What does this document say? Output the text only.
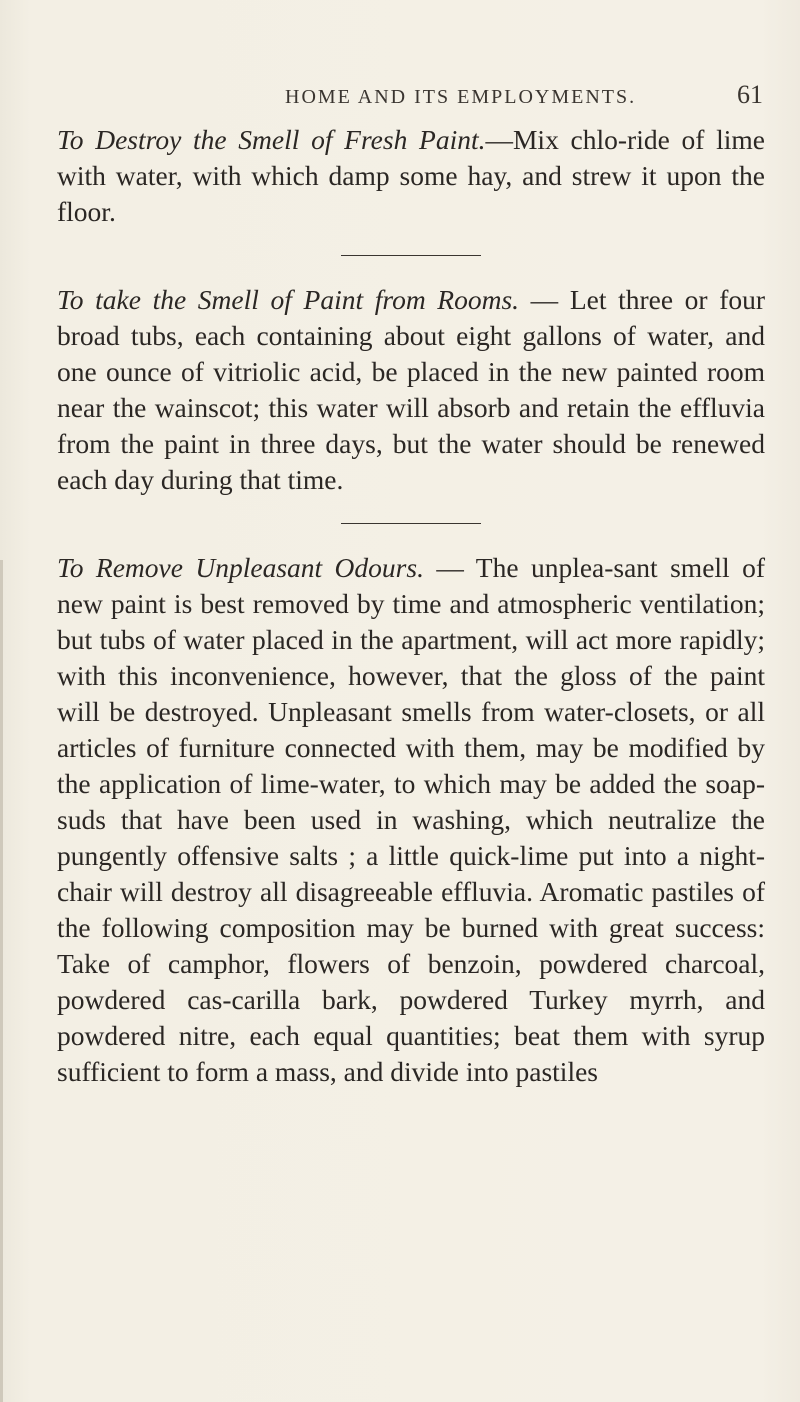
HOME AND ITS EMPLOYMENTS.	61

To Destroy the Smell of Fresh Paint.—Mix chlo-ride of lime with water, with which damp some hay, and strew it upon the floor.

To take the Smell of Paint from Rooms. — Let three or four broad tubs, each containing about eight gallons of water, and one ounce of vitriolic acid, be placed in the new painted room near the wainscot; this water will absorb and retain the effluvia from the paint in three days, but the water should be renewed each day during that time.

To Remove Unpleasant Odours. — The unplea-sant smell of new paint is best removed by time and atmospheric ventilation; but tubs of water placed in the apartment, will act more rapidly; with this inconvenience, however, that the gloss of the paint will be destroyed. Unpleasant smells from water-closets, or all articles of furniture connected with them, may be modified by the application of lime-water, to which may be added the soap-suds that have been used in washing, which neutralize the pungently offensive salts ; a little quick-lime put into a night-chair will destroy all disagreeable effluvia. Aromatic pastiles of the following composition may be burned with great success: Take of camphor, flowers of benzoin, powdered charcoal, powdered cas-carilla bark, powdered Turkey myrrh, and powdered nitre, each equal quantities; beat them with syrup sufficient to form a mass, and divide into pastiles
